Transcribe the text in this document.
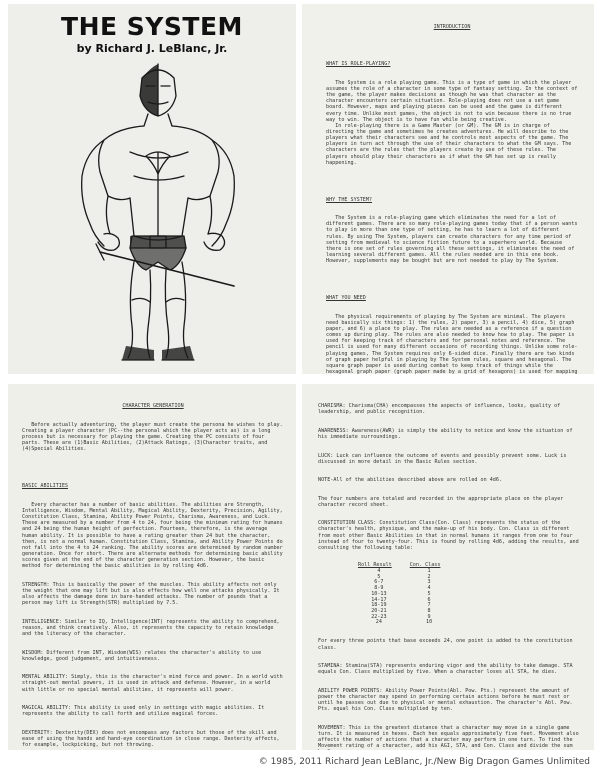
THE SYSTEM
by Richard J. LeBlanc, Jr.

INTRODUCTION

WHAT IS ROLE-PLAYING?

The System is a role playing game. This is a type of game in which the player assumes the role of a character in some type of fantasy setting. In the context of the game, the player makes decisions as though he was that character as the character encounters certain situation. Role-playing does not use a set game board. However, maps and playing pieces can be used and the game is different every time. Unlike most games, the object is not to win because there is no true way to win. The object is to have fun while being creative.
In role-playing there is a Game Master (or GM). The GM is in charge of directing the game and sometimes he creates adventures. He will describe to the players what their characters see and he controls most aspects of the game. The players in turn act through the use of their characters to what the GM says. The characters are the rules that the players create by use of these rules. The players should play their characters as if what the GM has set up is really happening.

WHY THE SYSTEM?

The System is a role-playing game which eliminates the need for a lot of different games. There are so many role-playing games today that if a person wants to play in more than one type of setting, he has to learn a lot of different rules. By using The System, players can create characters for any time period of setting from medieval to science fiction future to a superhero world. Because there is one set of rules governing all these settings, it eliminates the need of learning several different games. All the rules needed are in this one book. However, supplements may be bought but are not needed to play by The System.

WHAT YOU NEED

The physical requirements of playing by The System are minimal. The players need basically six things: 1) the rules, 2) paper, 3) a pencil, 4) dice, 5) graph paper, and 6) a place to play. The rules are needed as a reference if a question comes up during play. The rules are also needed to know how to play. The paper is used for keeping track of characters and for personal notes and reference. The pencil is used for many different occasions of recording things. Unlike some role-playing games, The System requires only 6-sided dice. Finally there are two kinds of graph paper helpful in playing by The System rules, square and hexagonal. The square graph paper is used during combat to keep track of things while the hexagonal graph paper (graph paper made by a grid of hexagons) is used for mapping

CHARACTER GENERATION

Before actually adventuring, the player must create the persona he wishes to play. Creating a player character (PC--the personal which the player acts as) is a long process but is necessary for playing the game. Creating the PC consists of four parts. These are (1)Basic Abilities, (2)Attack Ratings, (3)Character traits, and (4)Special Abilities.

BASIC ABILITIES

Every character has a number of basic abilities. The abilities are Strength, Intelligence, Wisdom, Mental Ability, Magical Ability, Dexterity, Precision, Agility, Constitution Class, Stamina, Ability Power Points, Charisma, Awareness, and Luck. These are measured by a number from 4 to 24, four being the minimum rating for humans and 24 being the human height of perfection. Fourteen, therefore, is the average human ability. It is possible to have a rating greater than 24 but the character, then, is not a normal human. Constitution Class, Stamina, and Ability Power Points do not fall into the 4 to 24 ranking. The ability scores are determined by random number generation. Once for short. There are alternate methods for determining basic ability scores given at the end of the character generation section. However, the basic method for determining the basic abilities is by rolling 4d6.

STRENGTH: This is basically the power of the muscles. This ability affects not only the weight that one may lift but is also effects how well one attacks physically. It also affects the damage done in bare-handed attacks. The number of pounds that a person may lift is Strength(STR) multiplied by 7.5.

INTELLIGENCE: Similar to IQ, Intelligence(INT) represents the ability to comprehend, reason, and think creatively. Also, it represents the capacity to retain knowledge and the literacy of the character.

WISDOM: Different from INT, Wisdom(WIS) relates the character's ability to use knowledge, good judgement, and intuitiveness.

MENTAL ABILITY: Simply, this is the character's mind force and power. In a world with straight-out mental powers, it is used in attack and defense. However, in a world with little or no special mental abilities, it represents will power.

MAGICAL ABILITY: This ability is used only in settings with magic abilities. It represents the ability to call forth and utilize magical forces.

DEXTERITY: Dexterity(DEX) does not encompass any factors but those of the skill and ease of using the hands and hand-eye coordination in close range. Dexterity affects, for example, lockpicking, but not throwing.

CHARISMA: Charisma(CHA) encompasses the aspects of influence, looks, quality of leadership, and public recognition.

AWARENESS: Awareness(AWR) is simply the ability to notice and know the situation of his immediate surroundings.

LUCK: Luck can influence the outcome of events and possibly prevent some. Luck is discussed in more detail in the Basic Rules section.

NOTE-All of the abilities described above are rolled on 4d6.

The four numbers are totaled and recorded in the appropriate place on the player character record sheet.

CONSTITUTION CLASS: Constitution Class(Con. Class) represents the status of the character's health, physique, and the make-up of his body. Con. Class is different from most other Basic Abilities in that in normal humans it ranges from one to four instead of four to twenty-four. This is found by rolling 4d6, adding the results, and consulting the following table:

Roll Result	Con. Class
4	1
5	2
6-7	3
8-9	4
10-13	5
14-17	6
18-19	7
20-21	8
22-23	9
24	10

For every three points that base exceeds 24, one point is added to the constitution class.

STAMINA: Stamina(STA) represents enduring vigor and the ability to take damage. STA equals Con. Class multiplied by five. When a character loses all STA, he dies.

ABILITY POWER POINTS: Ability Power Points(Abl. Pow. Pts.) represent the amount of power the character may spend in performing certain actions before he must rest or until he passes out due to physical or mental exhaustion. The character's Abl. Pow. Pts. equal his Con. Class multiplied by ten.

MOVEMENT: This is the greatest distance that a character may move in a single game turn. It is measured in hexes. Each hex equals approximately five feet. Movement also affects the number of actions that a character may perform in one turn. To find the Movement rating of a character, add his AGI, STA, and Con. Class and divide the sum

© 1985, 2011 Richard Jean LeBlanc, Jr./New Big Dragon Games Unlimited
